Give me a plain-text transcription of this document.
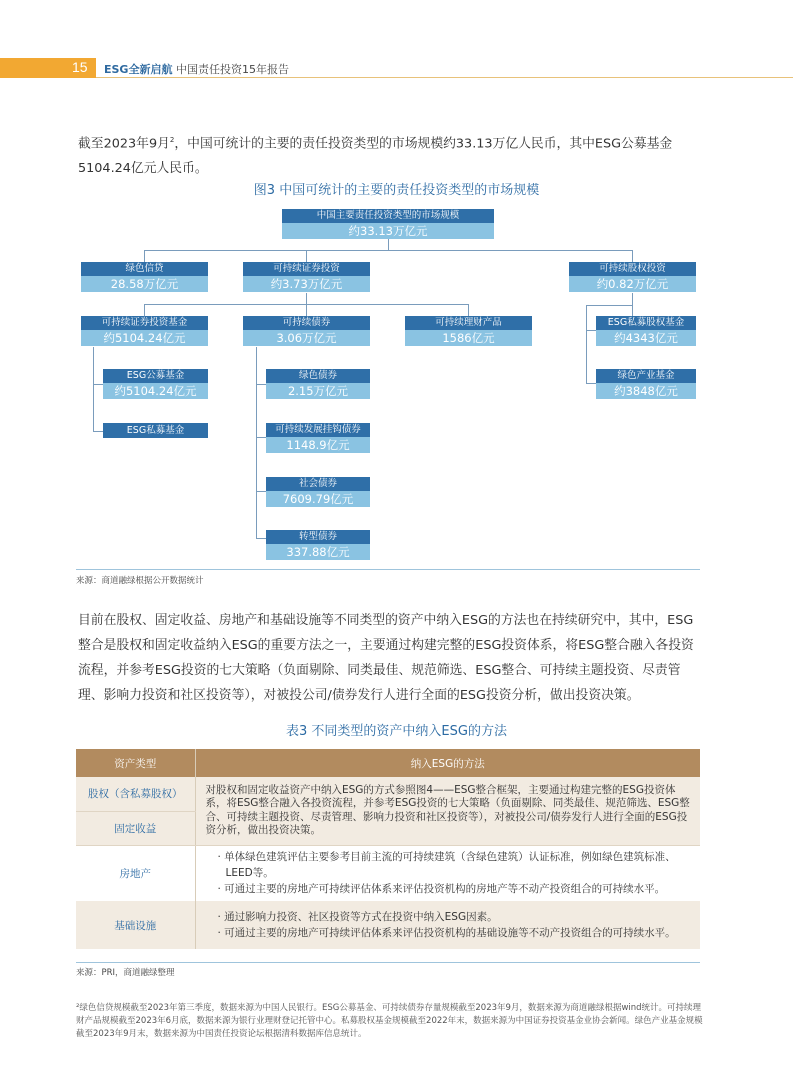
15 ESG全新启航 中国责任投资15年报告
截至2023年9月$^2$，中国可统计的主要的责任投资类型的市场规模约33.13万亿人民币，其中ESG公募基金5104.24亿元人民币。
图3 中国可统计的主要的责任投资类型的市场规模
中国主要责任投资类型的市场规模
约33.13万亿元
绿色信贷
28.58万亿元
可持续证券投资
约3.73万亿元
可持续股权投资
约0.82万亿元
可持续证券投资基金
约5104.24亿元
可持续债券
3.06万亿元
可持续理财产品
1586亿元
ESG私募股权基金
约4343亿元
ESG公募基金
约5104.24亿元
ESG私募基金
绿色债券
2.15万亿元
可持续发展挂钩债券
1148.9亿元
社会债券
7609.79亿元
转型债券
337.88亿元
绿色产业基金
约3848亿元
来源：商道融绿根据公开数据统计
目前在股权、固定收益、房地产和基础设施等不同类型的资产中纳入ESG的方法也在持续研究中，其中，ESG整合是股权和固定收益纳入ESG的重要方法之一，主要通过构建完整的ESG投资体系，将ESG整合融入各投资流程，并参考ESG投资的七大策略（负面剔除、同类最佳、规范筛选、ESG整合、可持续主题投资、尽责管理、影响力投资和社区投资等），对被投公司/债券发行人进行全面的ESG投资分析，做出投资决策。
表3 不同类型的资产中纳入ESG的方法
资产类型	纳入ESG的方法
股权（含私募股权）	对股权和固定收益资产中纳入ESG的方式参照图4——ESG整合框架，主要通过构建完整的ESG投资体系，将ESG整合融入各投资流程，并参考ESG投资的七大策略（负面剔除、同类最佳、规范筛选、ESG整合、可持续主题投资、尽责管理、影响力投资和社区投资等），对被投公司/债券发行人进行全面的ESG投资分析，做出投资决策。
固定收益	
房地产	· 单体绿色建筑评估主要参考目前主流的可持续建筑（含绿色建筑）认证标准，例如绿色建筑标准、LEED等。
· 可通过主要的房地产可持续评估体系来评估投资机构的房地产等不动产投资组合的可持续水平。

基础设施	· 通过影响力投资、社区投资等方式在投资中纳入ESG因素。
· 可通过主要的房地产可持续评估体系来评估投资机构的基础设施等不动产投资组合的可持续水平。
来源：PRI，商道融绿整理
²绿色信贷规模截至2023年第三季度，数据来源为中国人民银行。ESG公募基金、可持续债券存量规模截至2023年9月，数据来源为商道融绿根据wind统计。可持续理财产品规模截至2023年6月底，数据来源为银行业理财登记托管中心。私募股权基金规模截至2022年末，数据来源为中国证券投资基金业协会新闻。绿色产业基金规模截至2023年9月末，数据来源为中国责任投资论坛根据清科数据库信息统计。
